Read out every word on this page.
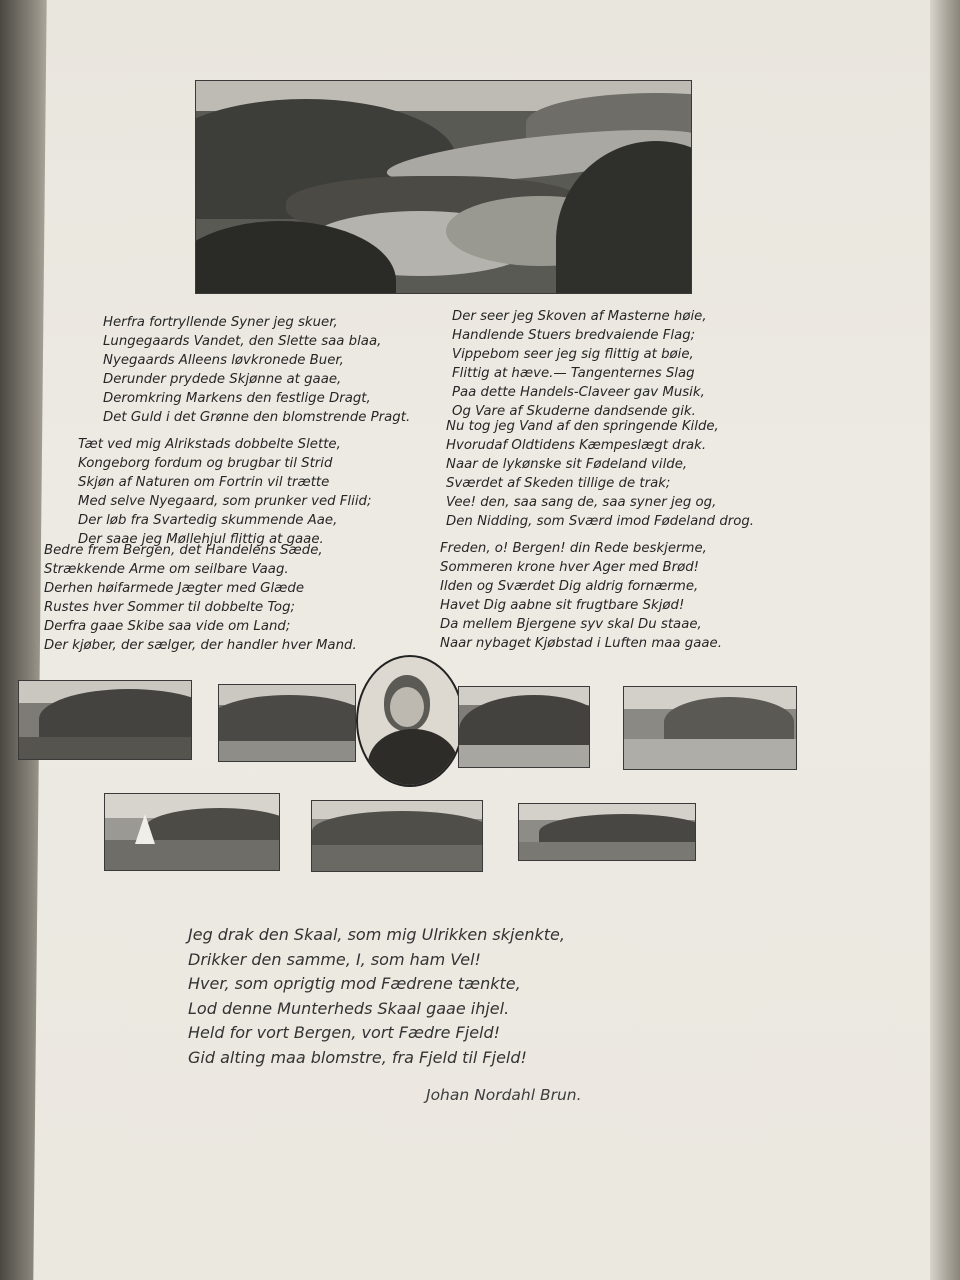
Herfra fortryllende Syner jeg skuer,
Lungegaards Vandet, den Slette saa blaa,
Nyegaards Alleens løvkronede Buer,
Derunder prydede Skjønne at gaae,
Deromkring Markens den festlige Dragt,
Det Guld i det Grønne den blomstrende Pragt.
Tæt ved mig Alrikstads dobbelte Slette,
Kongeborg fordum og brugbar til Strid
Skjøn af Naturen om Fortrin vil trætte
Med selve Nyegaard, som prunker ved Fliid;
Der løb fra Svartedig skummende Aae,
Der saae jeg Møllehjul flittig at gaae.
Bedre frem Bergen, det Handelens Sæde,
Strækkende Arme om seilbare Vaag.
Derhen høifarmede Jægter med Glæde
Rustes hver Sommer til dobbelte Tog;
Derfra gaae Skibe saa vide om Land;
Der kjøber, der sælger, der handler hver Mand.
Der seer jeg Skoven af Masterne høie,
Handlende Stuers bredvaiende Flag;
Vippebom seer jeg sig flittig at bøie,
Flittig at hæve.— Tangenternes Slag
Paa dette Handels-Claveer gav Musik,
Og Vare af Skuderne dandsende gik.
Nu tog jeg Vand af den springende Kilde,
Hvorudaf Oldtidens Kæmpeslægt drak.
Naar de lykønske sit Fødeland vilde,
Sværdet af Skeden tillige de trak;
Vee! den, saa sang de, saa syner jeg og,
Den Nidding, som Sværd imod Fødeland drog.
Freden, o! Bergen! din Rede beskjerme,
Sommeren krone hver Ager med Brød!
Ilden og Sværdet Dig aldrig fornærme,
Havet Dig aabne sit frugtbare Skjød!
Da mellem Bjergene syv skal Du staae,
Naar nybaget Kjøbstad i Luften maa gaae.
Jeg drak den Skaal, som mig Ulrikken skjenkte,
Drikker den samme, I, som ham Vel!
Hver, som oprigtig mod Fædrene tænkte,
Lod denne Munterheds Skaal gaae ihjel.
Held for vort Bergen, vort Fædre Fjeld!
Gid alting maa blomstre, fra Fjeld til Fjeld!
Johan Nordahl Brun.
